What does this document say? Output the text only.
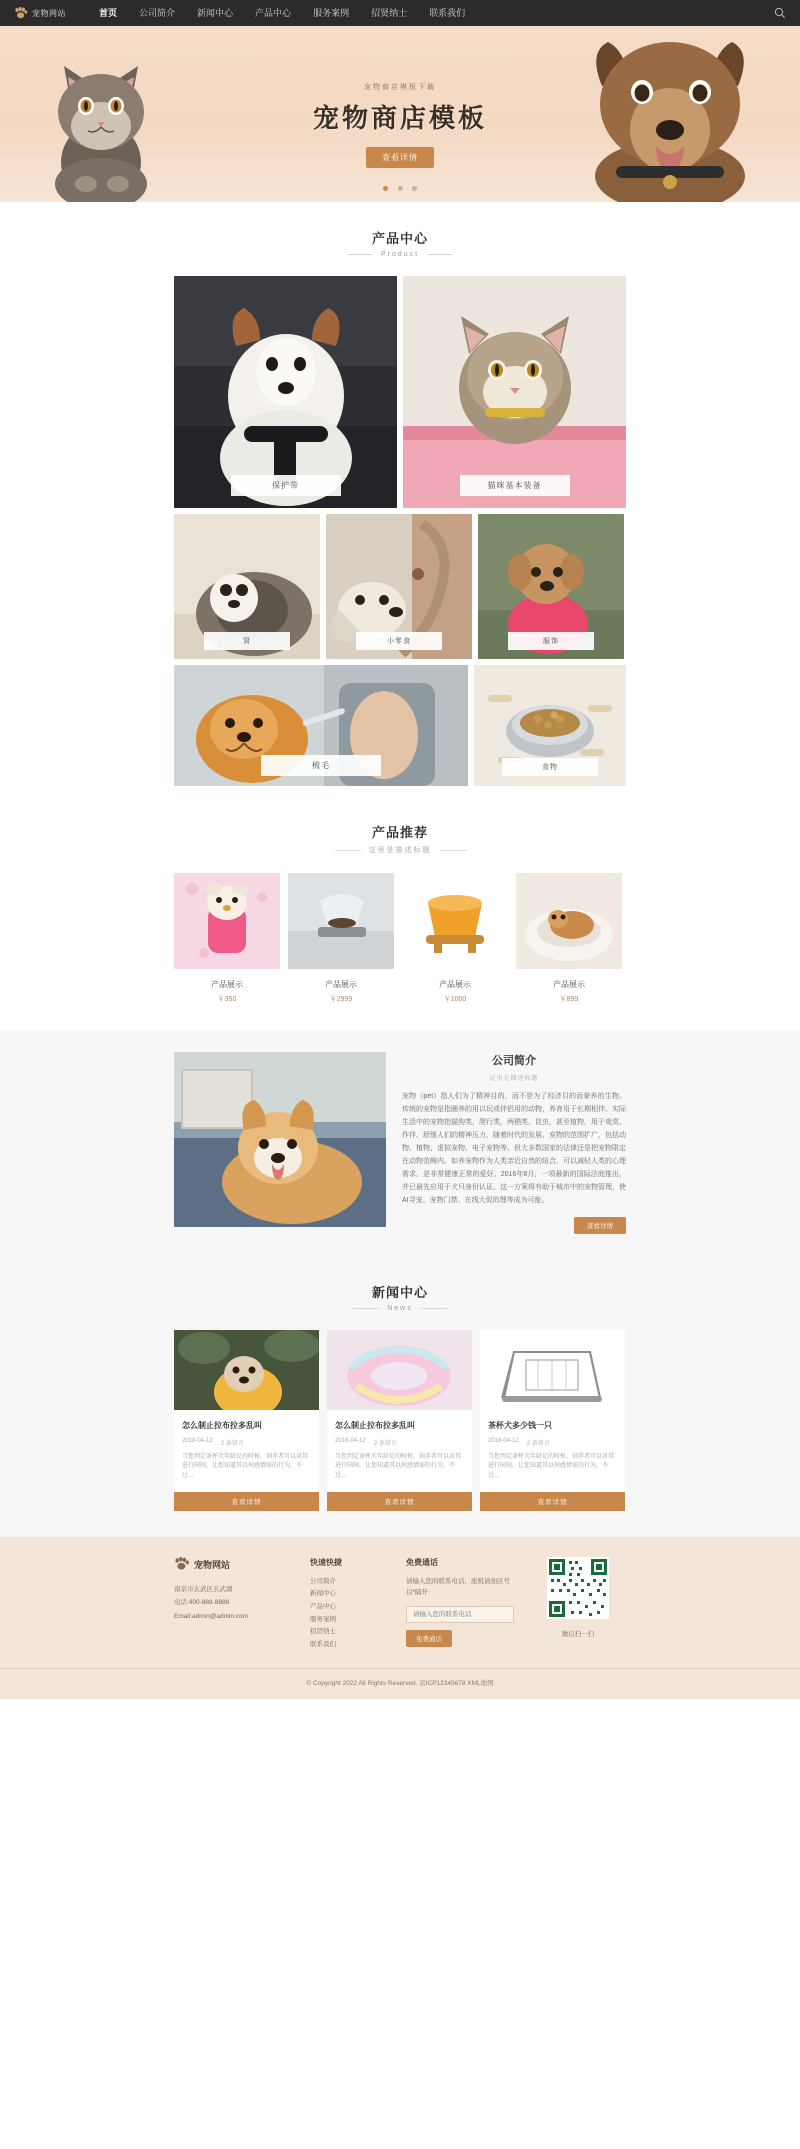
宠物网站	首页	公司简介	新闻中心	产品中心	服务案例	招贤纳士	联系我们
宠物商店模板下载
宠物商店模板
查看详情

产品中心
Product
保护带	猫咪基本装备
窝	小零食	服饰
梳毛	食物
产品推荐
这里是描述标题
产品展示
￥350
产品展示
￥2999
产品展示
￥1000
产品展示
￥899
公司简介
这里是描述标题
宠物（pet）指人们为了精神目的，而不是为了经济目的而豢养的生物。传统的宠物是指圈养的用以玩或伴侣用的动物，养育用于长期相伴。实际生活中的宠物指猫狗类，爬行类，两栖类，昆虫，甚至植物，用于观赏。作伴、舒缓人们的精神压力，随着时代的发展、宠物的范围扩广，包括动物、植物、虚拟宠物、电子宠物等。但大多数国家的法律还是把宠物限定在动物范畴内。如养宠物作为人类亲近自然的纽合，可以减轻人类的心理需求。是非常健康正常的爱好。2016年8月，一项最新的国际法庭推出，并已最先应用于犬只身份认证。这一方案将有助于城市中的宠物管理，使AI寻宠、宠物门禁、在线大促的理等成为可能。
查看详情
新闻中心
News
怎么制止拉布拉多乱叫
2018-04-12 2 条留言
当您判定茶杯犬年龄足的时候，饲养者可以对其进行同间，让您知道其以何感情需的行为，不过…
查看详情
怎么制止拉布拉多乱叫
2018-04-12 2 条留言
当您判定茶杯犬年龄足的时候，饲养者可以对其进行同间，让您知道其以何感情需的行为，不过…
查看详情
茶杯犬多少钱一只
2018-04-12 2 条留言
当您判定茶杯犬年龄足的时候，饲养者可以对其进行同间，让您知道其以何感情需的行为，不过…
查看详情
宠物网站
南京市玄武区玄武湖
电话:400-888-8888
Email:admin@admin.com
快速快捷
公司简介
新闻中心
产品中心
服务案例
招贤纳士
联系我们
免费通话
请输入您的联系电话，座机请加区号以*隔开
请输入您的联系电话 免费通话
微信扫一扫
© Copyright 2022 All Rights Reserved. 京ICP12345678 XML地图
